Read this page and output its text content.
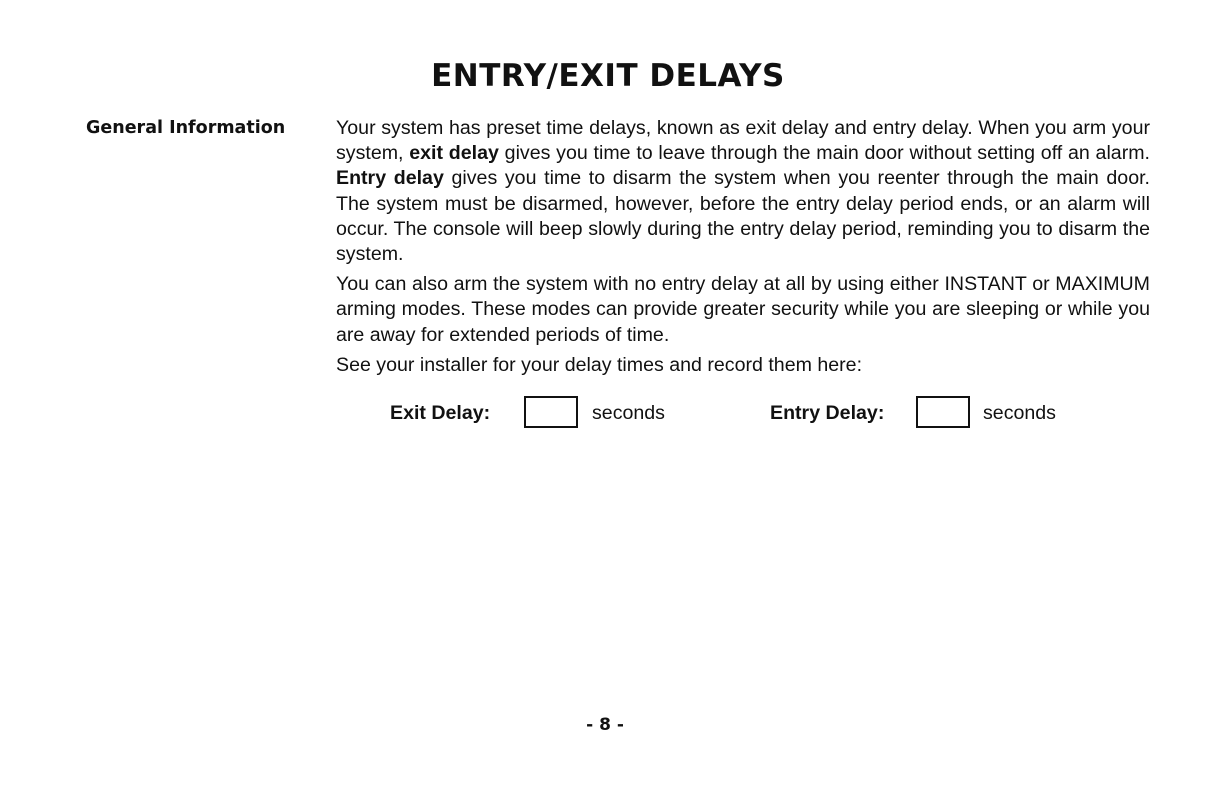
ENTRY/EXIT DELAYS
General Information	Your system has preset time delays, known as exit delay and entry delay. When you arm your system, exit delay gives you time to leave through the main door without setting off an alarm. Entry delay gives you time to disarm the system when you reenter through the main door. The system must be disarmed, however, before the entry delay period ends, or an alarm will occur. The console will beep slowly during the entry delay period, reminding you to disarm the system.

You can also arm the system with no entry delay at all by using either INSTANT or MAXIMUM arming modes. These modes can provide greater security while you are sleeping or while you are away for extended periods of time.

See your installer for your delay times and record them here:

Exit Delay:	seconds	Entry Delay:	seconds

- 8 -
